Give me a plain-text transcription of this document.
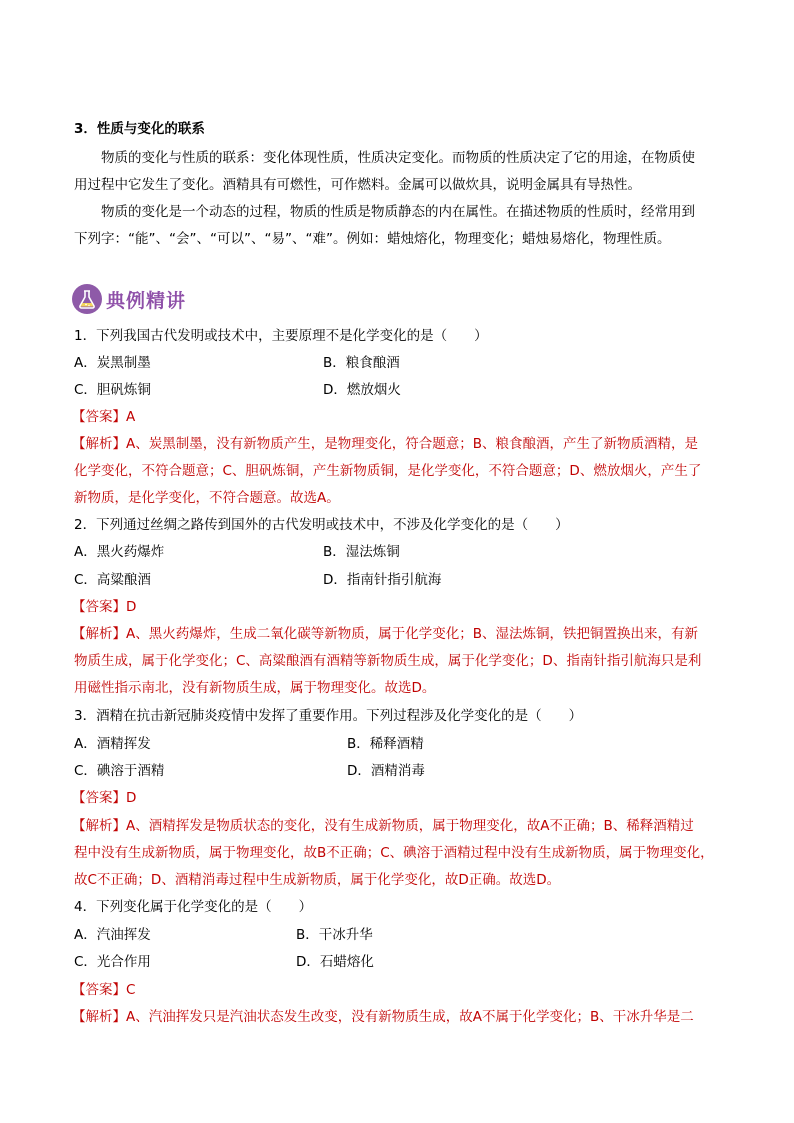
3．性质与变化的联系
物质的变化与性质的联系：变化体现性质，性质决定变化。而物质的性质决定了它的用途，在物质使
用过程中它发生了变化。酒精具有可燃性，可作燃料。金属可以做炊具，说明金属具有导热性。
物质的变化是一个动态的过程，物质的性质是物质静态的内在属性。在描述物质的性质时，经常用到
下列字：“能”、“会”、“可以”、“易”、“难”。例如：蜡烛熔化，物理变化；蜡烛易熔化，物理性质。
典例精讲
1．下列我国古代发明或技术中，主要原理不是化学变化的是（　　）
A．炭黑制墨	B．粮食酿酒
C．胆矾炼铜	D．燃放烟火
【答案】A
【解析】A、炭黑制墨，没有新物质产生，是物理变化，符合题意；B、粮食酿酒，产生了新物质酒精，是
化学变化，不符合题意；C、胆矾炼铜，产生新物质铜，是化学变化，不符合题意；D、燃放烟火，产生了
新物质，是化学变化，不符合题意。故选A。
2．下列通过丝绸之路传到国外的古代发明或技术中，不涉及化学变化的是（　　）
A．黑火药爆炸	B．湿法炼铜
C．高粱酿酒	D．指南针指引航海
【答案】D
【解析】A、黑火药爆炸，生成二氧化碳等新物质，属于化学变化；B、湿法炼铜，铁把铜置换出来，有新
物质生成，属于化学变化；C、高粱酿酒有酒精等新物质生成，属于化学变化；D、指南针指引航海只是利
用磁性指示南北，没有新物质生成，属于物理变化。故选D。
3．酒精在抗击新冠肺炎疫情中发挥了重要作用。下列过程涉及化学变化的是（　　）
A．酒精挥发	B．稀释酒精
C．碘溶于酒精	D．酒精消毒
【答案】D
【解析】A、酒精挥发是物质状态的变化，没有生成新物质，属于物理变化，故A不正确；B、稀释酒精过
程中没有生成新物质，属于物理变化，故B不正确；C、碘溶于酒精过程中没有生成新物质，属于物理变化，
故C不正确；D、酒精消毒过程中生成新物质，属于化学变化，故D正确。故选D。
4．下列变化属于化学变化的是（　　）
A．汽油挥发	B．干冰升华
C．光合作用	D．石蜡熔化
【答案】C
【解析】A、汽油挥发只是汽油状态发生改变，没有新物质生成，故A不属于化学变化；B、干冰升华是二
